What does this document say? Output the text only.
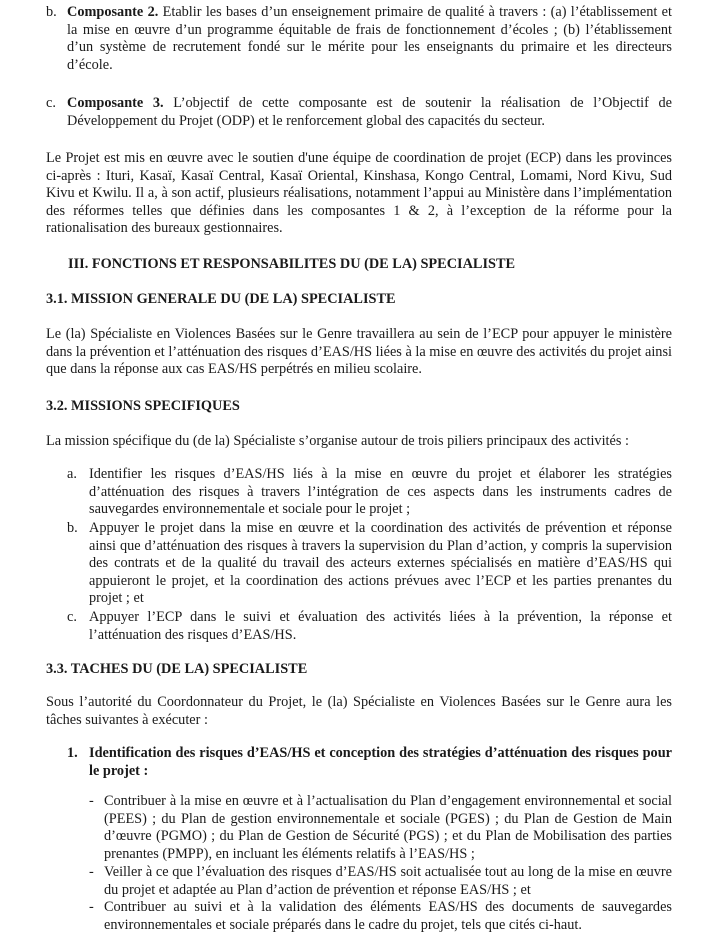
b. Composante 2. Etablir les bases d’un enseignement primaire de qualité à travers : (a) l’établissement et la mise en œuvre d’un programme équitable de frais de fonctionnement d’écoles ; (b) l’établissement d’un système de recrutement fondé sur le mérite pour les enseignants du primaire et les directeurs d’école.

c. Composante 3. L’objectif de cette composante est de soutenir la réalisation de l’Objectif de Développement du Projet (ODP) et le renforcement global des capacités du secteur.

Le Projet est mis en œuvre avec le soutien d'une équipe de coordination de projet (ECP) dans les provinces ci-après : Ituri, Kasaï, Kasaï Central, Kasaï Oriental, Kinshasa, Kongo Central, Lomami, Nord Kivu, Sud Kivu et Kwilu. Il a, à son actif, plusieurs réalisations, notamment l’appui au Ministère dans l’implémentation des réformes telles que définies dans les composantes 1 & 2, à l’exception de la réforme pour la rationalisation des bureaux gestionnaires.

III. FONCTIONS ET RESPONSABILITES DU (DE LA) SPECIALISTE
3.1. MISSION GENERALE DU (DE LA) SPECIALISTE

Le (la) Spécialiste en Violences Basées sur le Genre travaillera au sein de l’ECP pour appuyer le ministère dans la prévention et l’atténuation des risques d’EAS/HS liées à la mise en œuvre des activités du projet ainsi que dans la réponse aux cas EAS/HS perpétrés en milieu scolaire.

3.2. MISSIONS SPECIFIQUES

La mission spécifique du (de la) Spécialiste s’organise autour de trois piliers principaux des activités :

a. Identifier les risques d’EAS/HS liés à la mise en œuvre du projet et élaborer les stratégies d’atténuation des risques à travers l’intégration de ces aspects dans les instruments cadres de sauvegardes environnementale et sociale pour le projet ;

b. Appuyer le projet dans la mise en œuvre et la coordination des activités de prévention et réponse ainsi que d’atténuation des risques à travers la supervision du Plan d’action, y compris la supervision des contrats et de la qualité du travail des acteurs externes spécialisés en matière d’EAS/HS qui appuieront le projet, et la coordination des actions prévues avec l’ECP et les parties prenantes du projet ; et

c. Appuyer l’ECP dans le suivi et évaluation des activités liées à la prévention, la réponse et l’atténuation des risques d’EAS/HS.

3.3. TACHES DU (DE LA) SPECIALISTE

Sous l’autorité du Coordonnateur du Projet, le (la) Spécialiste en Violences Basées sur le Genre aura les tâches suivantes à exécuter :

1. Identification des risques d’EAS/HS et conception des stratégies d’atténuation des risques pour le projet :

- Contribuer à la mise en œuvre et à l’actualisation du Plan d’engagement environnemental et social (PEES) ; du Plan de gestion environnementale et sociale (PGES) ; du Plan de Gestion de Main d’œuvre (PGMO) ; du Plan de Gestion de Sécurité (PGS) ; et du Plan de Mobilisation des parties prenantes (PMPP), en incluant les éléments relatifs à l’EAS/HS ;

- Veiller à ce que l’évaluation des risques d’EAS/HS soit actualisée tout au long de la mise en œuvre du projet et adaptée au Plan d’action de prévention et réponse EAS/HS ; et

- Contribuer au suivi et à la validation des éléments EAS/HS des documents de sauvegardes environnementales et sociale préparés dans le cadre du projet, tels que cités ci-haut.
